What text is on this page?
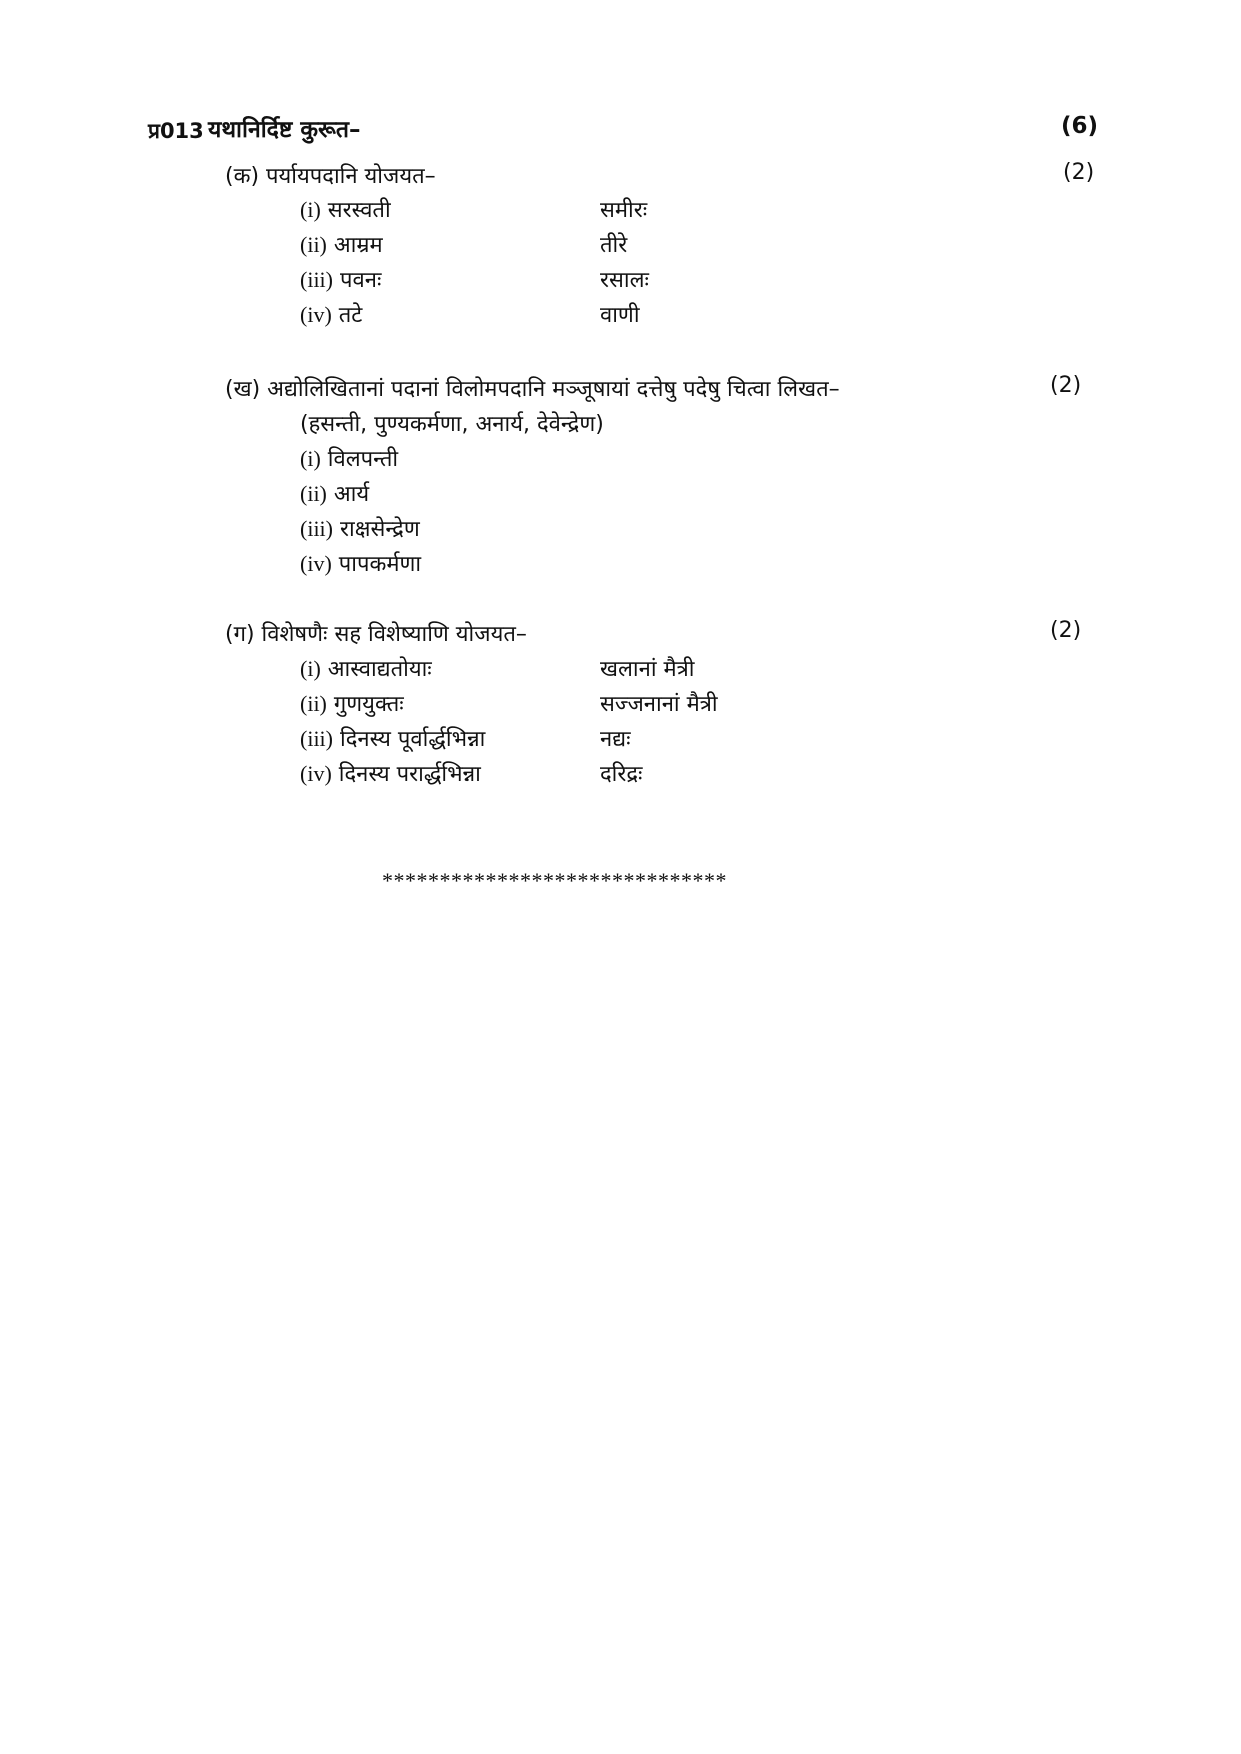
प्र013 यथानिर्दिष्ट कुरूत–	(6)
(क) पर्यायपदानि योजयत–	(2)
(i) सरस्वती	समीरः
(ii) आम्रम	तीरे
(iii) पवनः	रसालः
(iv) तटे	वाणी
(ख) अद्योलिखितानां पदानां विलोमपदानि मञ्जूषायां दत्तेषु पदेषु चित्वा लिखत–	(2)
(हसन्ती, पुण्यकर्मणा, अनार्य, देवेन्द्रेण)
(i) विलपन्ती
(ii) आर्य
(iii) राक्षसेन्द्रेण
(iv) पापकर्मणा
(ग) विशेषणैः सह विशेष्याणि योजयत–	(2)
(i) आस्वाद्यतोयाः	खलानां मैत्री
(ii) गुणयुक्तः	सज्जनानां मैत्री
(iii) दिनस्य पूर्वार्द्धभिन्ना	नद्यः
(iv) दिनस्य परार्द्धभिन्ना	दरिद्रः
******************************
